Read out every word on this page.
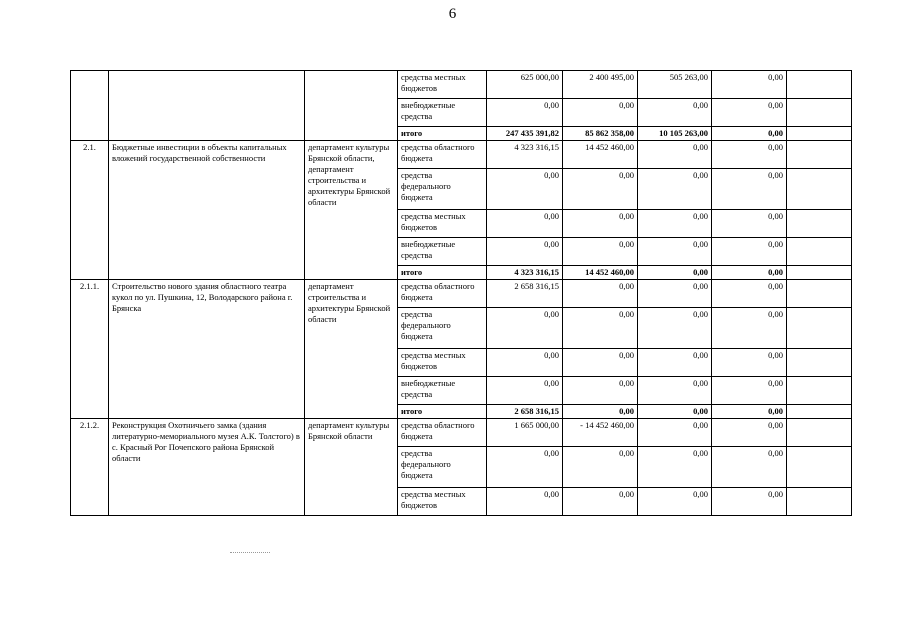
6
			средства местных бюджетов	625 000,00	2 400 495,00	505 263,00	0,00	
			внебюджетные средства	0,00	0,00	0,00	0,00	
			итого	247 435 391,82	85 862 358,00	10 105 263,00	0,00	
2.1.	Бюджетные инвестиции в объекты капитальных вложений государственной собственности	департамент культуры Брянской области, департамент строительства и архитектуры Брянской области	средства областного бюджета	4 323 316,15	14 452 460,00	0,00	0,00	
			средства федерального бюджета	0,00	0,00	0,00	0,00	
			средства местных бюджетов	0,00	0,00	0,00	0,00	
			внебюджетные средства	0,00	0,00	0,00	0,00	
			итого	4 323 316,15	14 452 460,00	0,00	0,00	
2.1.1.	Строительство нового здания областного театра кукол по ул. Пушкина, 12, Володарского района г. Брянска	департамент строительства и архитектуры Брянской области	средства областного бюджета	2 658 316,15	0,00	0,00	0,00	
			средства федерального бюджета	0,00	0,00	0,00	0,00	
			средства местных бюджетов	0,00	0,00	0,00	0,00	
			внебюджетные средства	0,00	0,00	0,00	0,00	
			итого	2 658 316,15	0,00	0,00	0,00	
2.1.2.	Реконструкция Охотничьего замка (здания литературно-мемориального музея А.К. Толстого) в с. Красный Рог Почепского района Брянской области	департамент культуры Брянской области	средства областного бюджета	1 665 000,00	- 14 452 460,00	0,00	0,00	
			средства федерального бюджета	0,00	0,00	0,00	0,00	
			средства местных бюджетов	0,00	0,00	0,00	0,00	
